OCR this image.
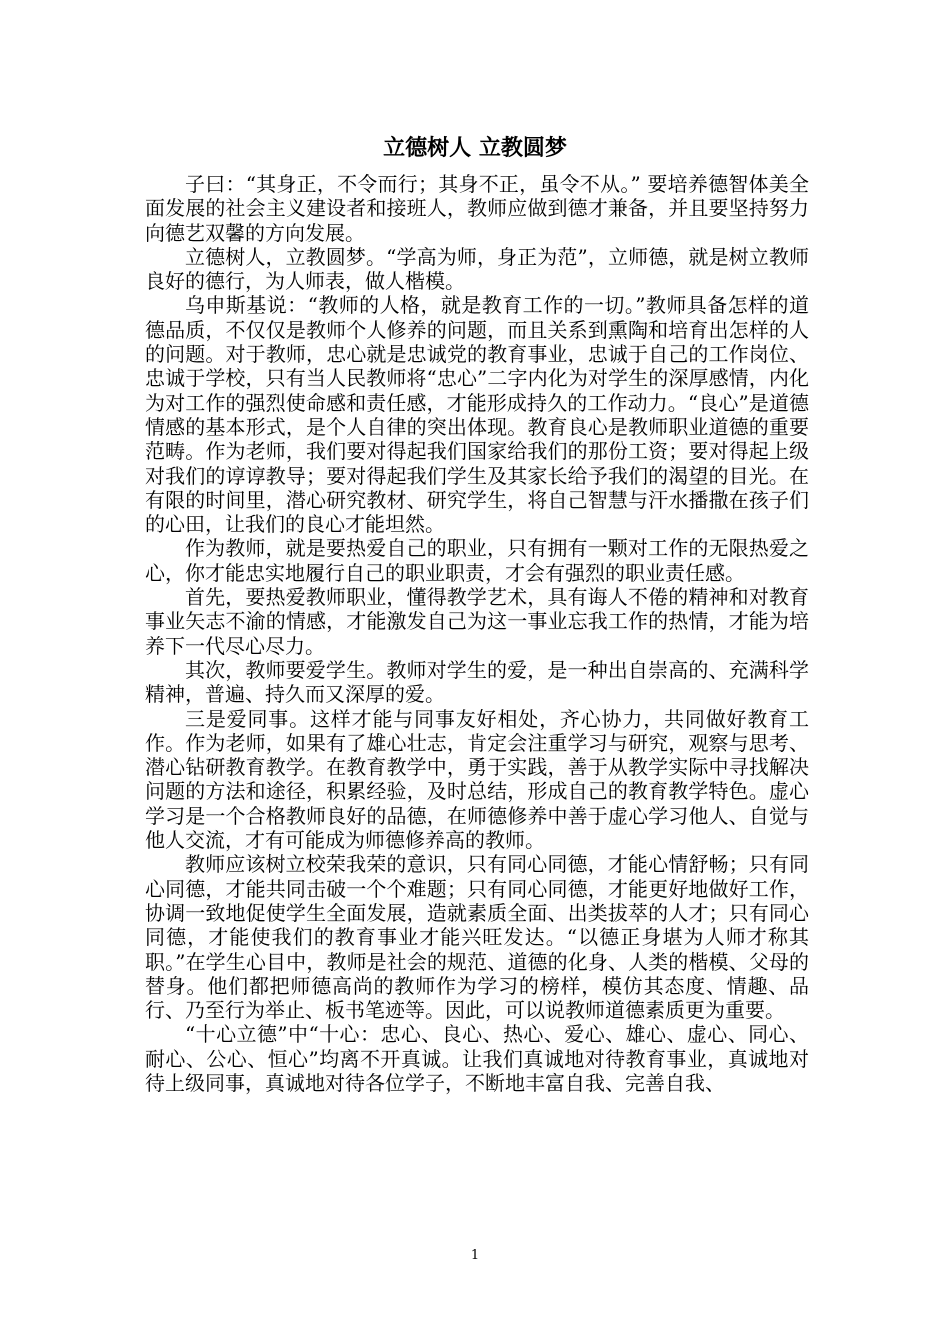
立德树人 立教圆梦

子曰：“其身正，不令而行；其身不正，虽令不从。” 要培养德智体美全面发展的社会主义建设者和接班人，教师应做到德才兼备，并且要坚持努力向德艺双馨的方向发展。

立德树人，立教圆梦。“学高为师，身正为范”，立师德，就是树立教师良好的德行，为人师表，做人楷模。

乌申斯基说：“教师的人格，就是教育工作的一切。”教师具备怎样的道德品质，不仅仅是教师个人修养的问题，而且关系到熏陶和培育出怎样的人的问题。对于教师，忠心就是忠诚党的教育事业，忠诚于自己的工作岗位、忠诚于学校，只有当人民教师将“忠心”二字内化为对学生的深厚感情，内化为对工作的强烈使命感和责任感，才能形成持久的工作动力。“良心”是道德情感的基本形式，是个人自律的突出体现。教育良心是教师职业道德的重要范畴。作为老师，我们要对得起我们国家给我们的那份工资；要对得起上级对我们的谆谆教导；要对得起我们学生及其家长给予我们的渴望的目光。在有限的时间里，潜心研究教材、研究学生，将自己智慧与汗水播撒在孩子们的心田，让我们的良心才能坦然。

作为教师，就是要热爱自己的职业，只有拥有一颗对工作的无限热爱之心，你才能忠实地履行自己的职业职责，才会有强烈的职业责任感。

首先，要热爱教师职业，懂得教学艺术，具有诲人不倦的精神和对教育事业矢志不渝的情感，才能激发自己为这一事业忘我工作的热情，才能为培养下一代尽心尽力。

其次，教师要爱学生。教师对学生的爱，是一种出自崇高的、充满科学精神，普遍、持久而又深厚的爱。

三是爱同事。这样才能与同事友好相处，齐心协力，共同做好教育工作。作为老师，如果有了雄心壮志，肯定会注重学习与研究，观察与思考、潜心钻研教育教学。在教育教学中，勇于实践，善于从教学实际中寻找解决问题的方法和途径，积累经验，及时总结，形成自己的教育教学特色。虚心学习是一个合格教师良好的品德，在师德修养中善于虚心学习他人、自觉与他人交流，才有可能成为师德修养高的教师。

教师应该树立校荣我荣的意识，只有同心同德，才能心情舒畅；只有同心同德，才能共同击破一个个难题；只有同心同德，才能更好地做好工作，协调一致地促使学生全面发展，造就素质全面、出类拔萃的人才；只有同心同德，才能使我们的教育事业才能兴旺发达。“以德正身堪为人师才称其职。”在学生心目中，教师是社会的规范、道德的化身、人类的楷模、父母的替身。他们都把师德高尚的教师作为学习的榜样，模仿其态度、情趣、品行、乃至行为举止、板书笔迹等。因此，可以说教师道德素质更为重要。

“十心立德”中“十心：忠心、良心、热心、爱心、雄心、虚心、同心、耐心、公心、恒心”均离不开真诚。让我们真诚地对待教育事业，真诚地对待上级同事，真诚地对待各位学子，不断地丰富自我、完善自我、

1
